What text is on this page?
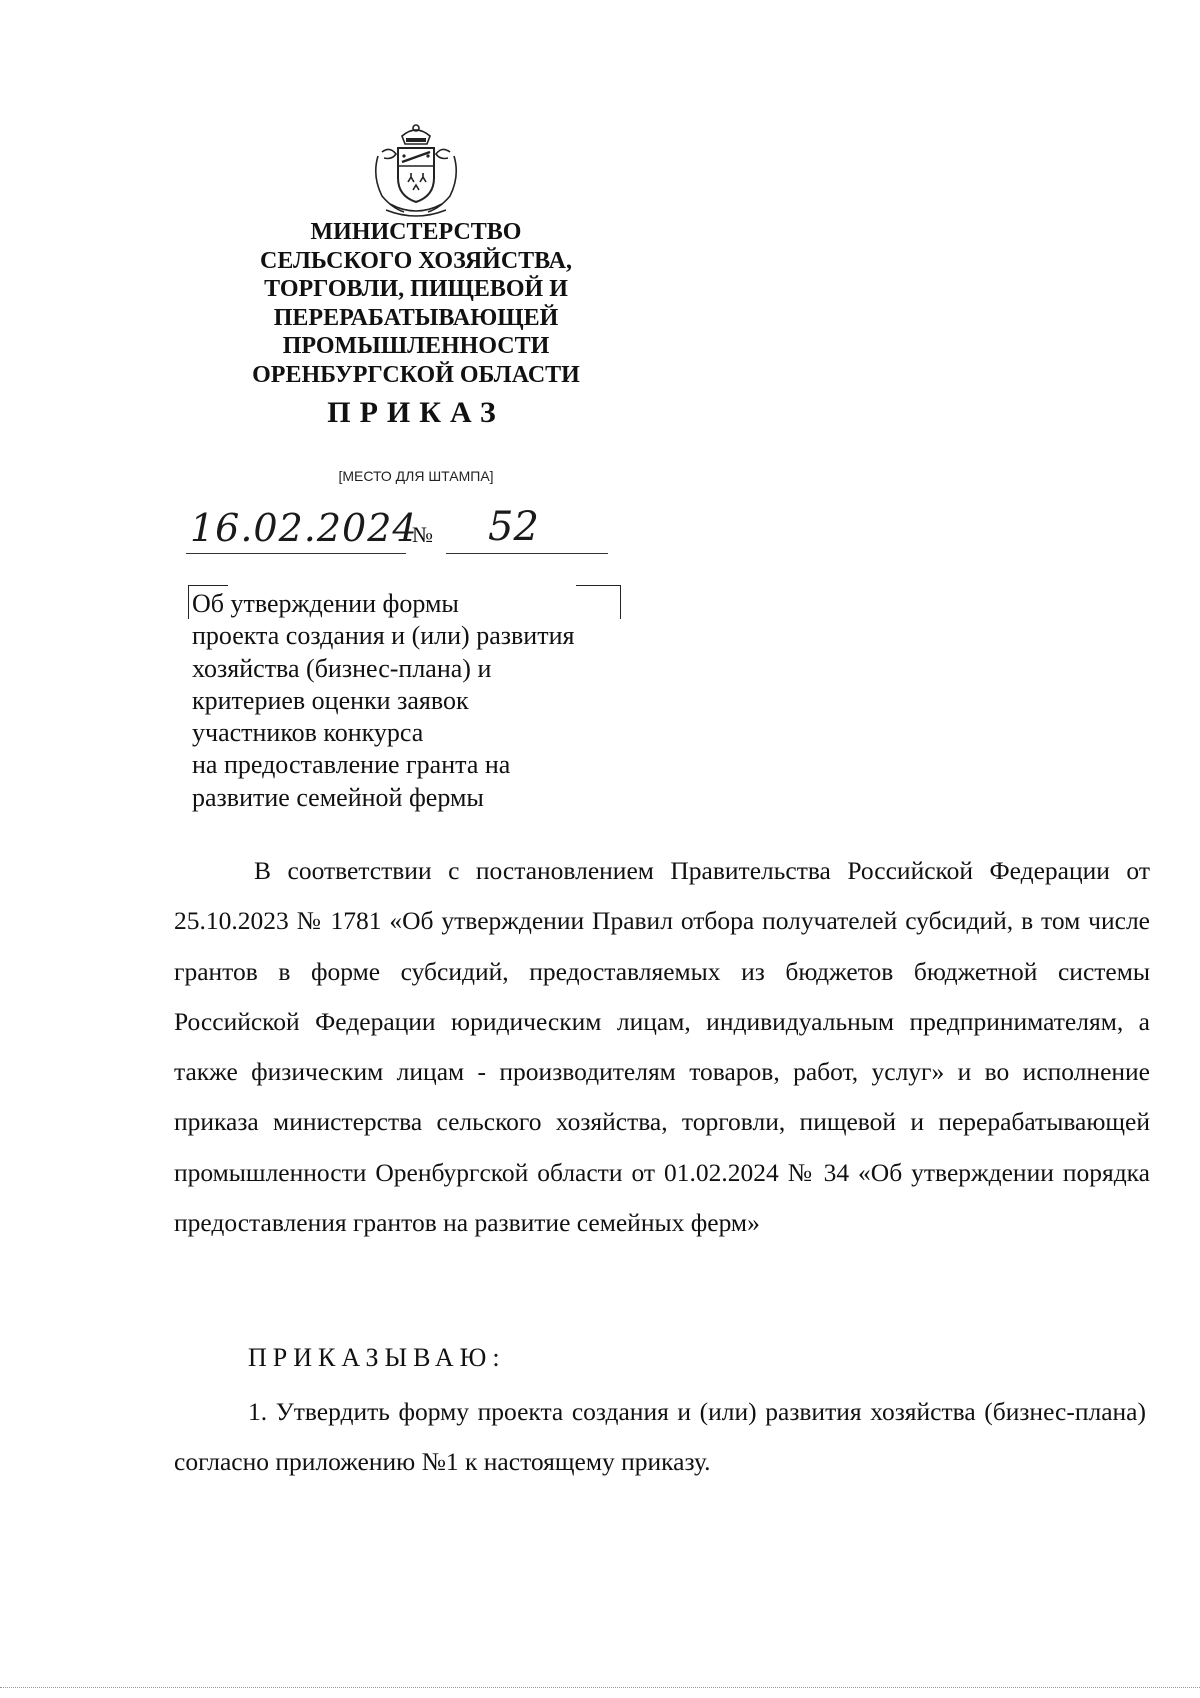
МИНИСТЕРСТВО
СЕЛЬСКОГО ХОЗЯЙСТВА,
ТОРГОВЛИ, ПИЩЕВОЙ И
ПЕРЕРАБАТЫВАЮЩЕЙ
ПРОМЫШЛЕННОСТИ
ОРЕНБУРГСКОЙ ОБЛАСТИ
ПРИКАЗ
[МЕСТО ДЛЯ ШТАМПА]
16.02.2024
№ 52
Об утверждении формы
проекта создания и (или) развития
хозяйства (бизнес-плана) и
критериев оценки заявок
участников конкурса
на предоставление гранта на
развитие семейной фермы
В соответствии с постановлением Правительства Российской Федерации от 25.10.2023 № 1781 «Об утверждении Правил отбора получателей субсидий, в том числе грантов в форме субсидий, предоставляемых из бюджетов бюджетной системы Российской Федерации юридическим лицам, индивидуальным предпринимателям, а также физическим лицам - производителям товаров, работ, услуг» и во исполнение приказа министерства сельского хозяйства, торговли, пищевой и перерабатывающей промышленности Оренбургской области от 01.02.2024 № 34 «Об утверждении порядка предоставления грантов на развитие семейных ферм»
ПРИКАЗЫВАЮ:
1. Утвердить форму проекта создания и (или) развития хозяйства (бизнес-плана) согласно приложению №1 к настоящему приказу.
